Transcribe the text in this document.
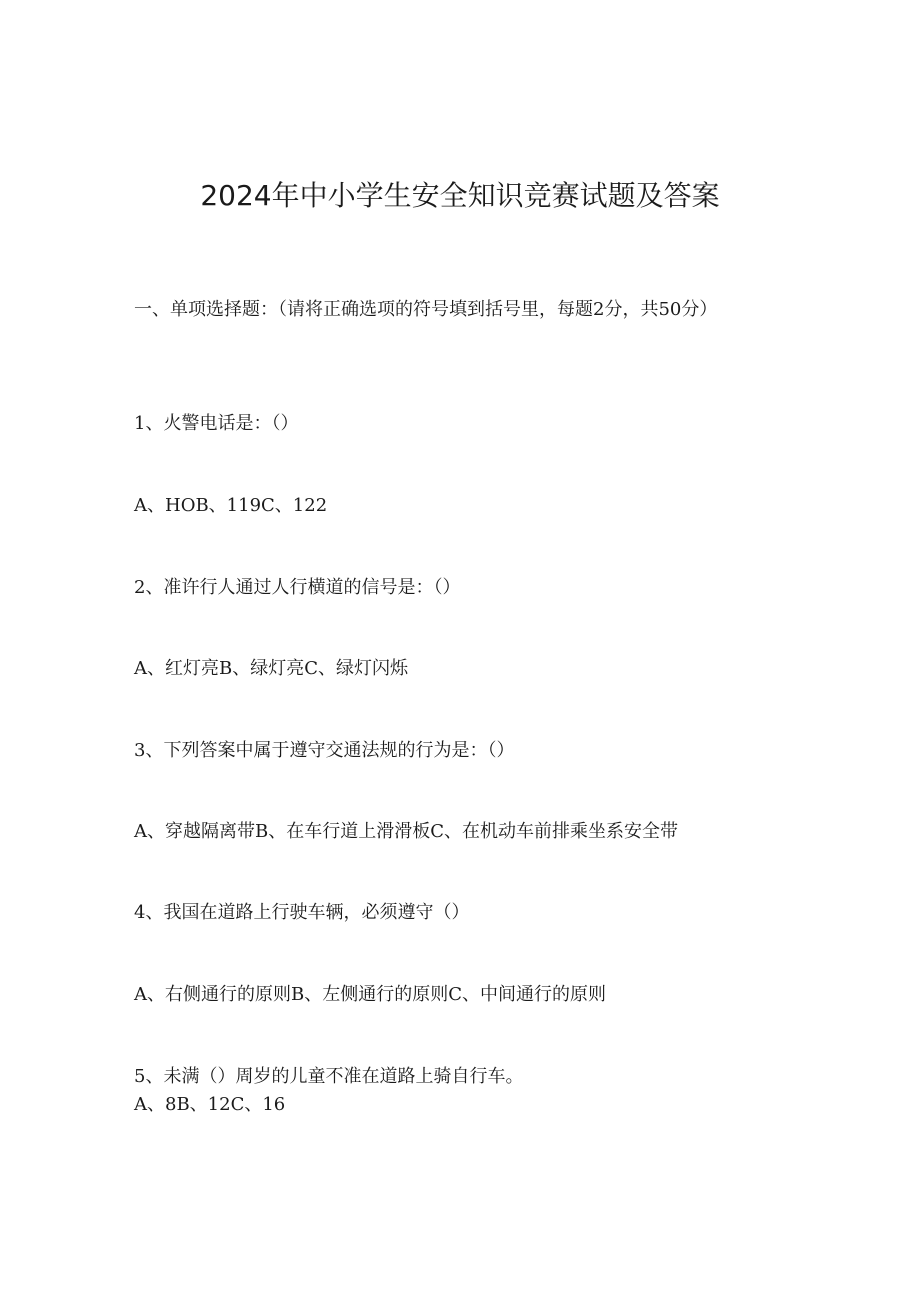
2024年中小学生安全知识竞赛试题及答案

一、单项选择题：（请将正确选项的符号填到括号里，每题2分，共50分）

1、火警电话是：（）

A、HOB、119C、122

2、准许行人通过人行横道的信号是：（）

A、红灯亮B、绿灯亮C、绿灯闪烁

3、下列答案中属于遵守交通法规的行为是：（）

A、穿越隔离带B、在车行道上滑滑板C、在机动车前排乘坐系安全带

4、我国在道路上行驶车辆，必须遵守（）

A、右侧通行的原则B、左侧通行的原则C、中间通行的原则

5、未满（）周岁的儿童不准在道路上骑自行车。

A、8B、12C、16
